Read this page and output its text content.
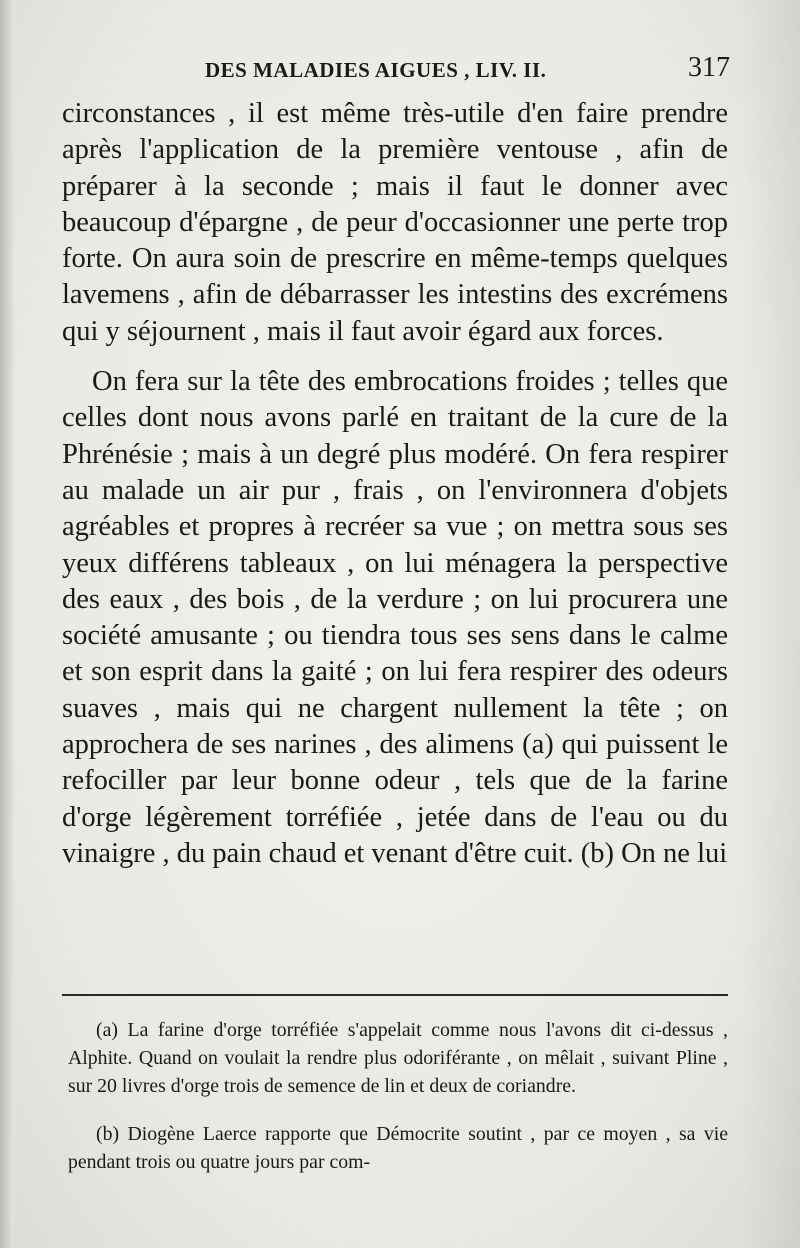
DES MALADIES AIGUES , LIV. II.	317

circonstances , il est même très-utile d'en faire prendre après l'application de la première ventouse , afin de préparer à la seconde ; mais il faut le donner avec beaucoup d'épargne , de peur d'occasionner une perte trop forte. On aura soin de prescrire en même-temps quelques lavemens , afin de débarrasser les intestins des excrémens qui y séjournent , mais il faut avoir égard aux forces.

On fera sur la tête des embrocations froides ; telles que celles dont nous avons parlé en traitant de la cure de la Phrénésie ; mais à un degré plus modéré. On fera respirer au malade un air pur , frais , on l'environnera d'objets agréables et propres à recréer sa vue ; on mettra sous ses yeux différens tableaux , on lui ménagera la perspective des eaux , des bois , de la verdure ; on lui procurera une société amusante ; ou tiendra tous ses sens dans le calme et son esprit dans la gaité ; on lui fera respirer des odeurs suaves , mais qui ne chargent nullement la tête ; on approchera de ses narines , des alimens (a) qui puissent le refociller par leur bonne odeur , tels que de la farine d'orge légèrement torréfiée , jetée dans de l'eau ou du vinaigre , du pain chaud et venant d'être cuit. (b) On ne lui

(a) La farine d'orge torréfiée s'appelait comme nous l'avons dit ci-dessus , Alphite. Quand on voulait la rendre plus odoriférante , on mêlait , suivant Pline , sur 20 livres d'orge trois de semence de lin et deux de coriandre.

(b) Diogène Laerce rapporte que Démocrite soutint , par ce moyen , sa vie pendant trois ou quatre jours par com-
